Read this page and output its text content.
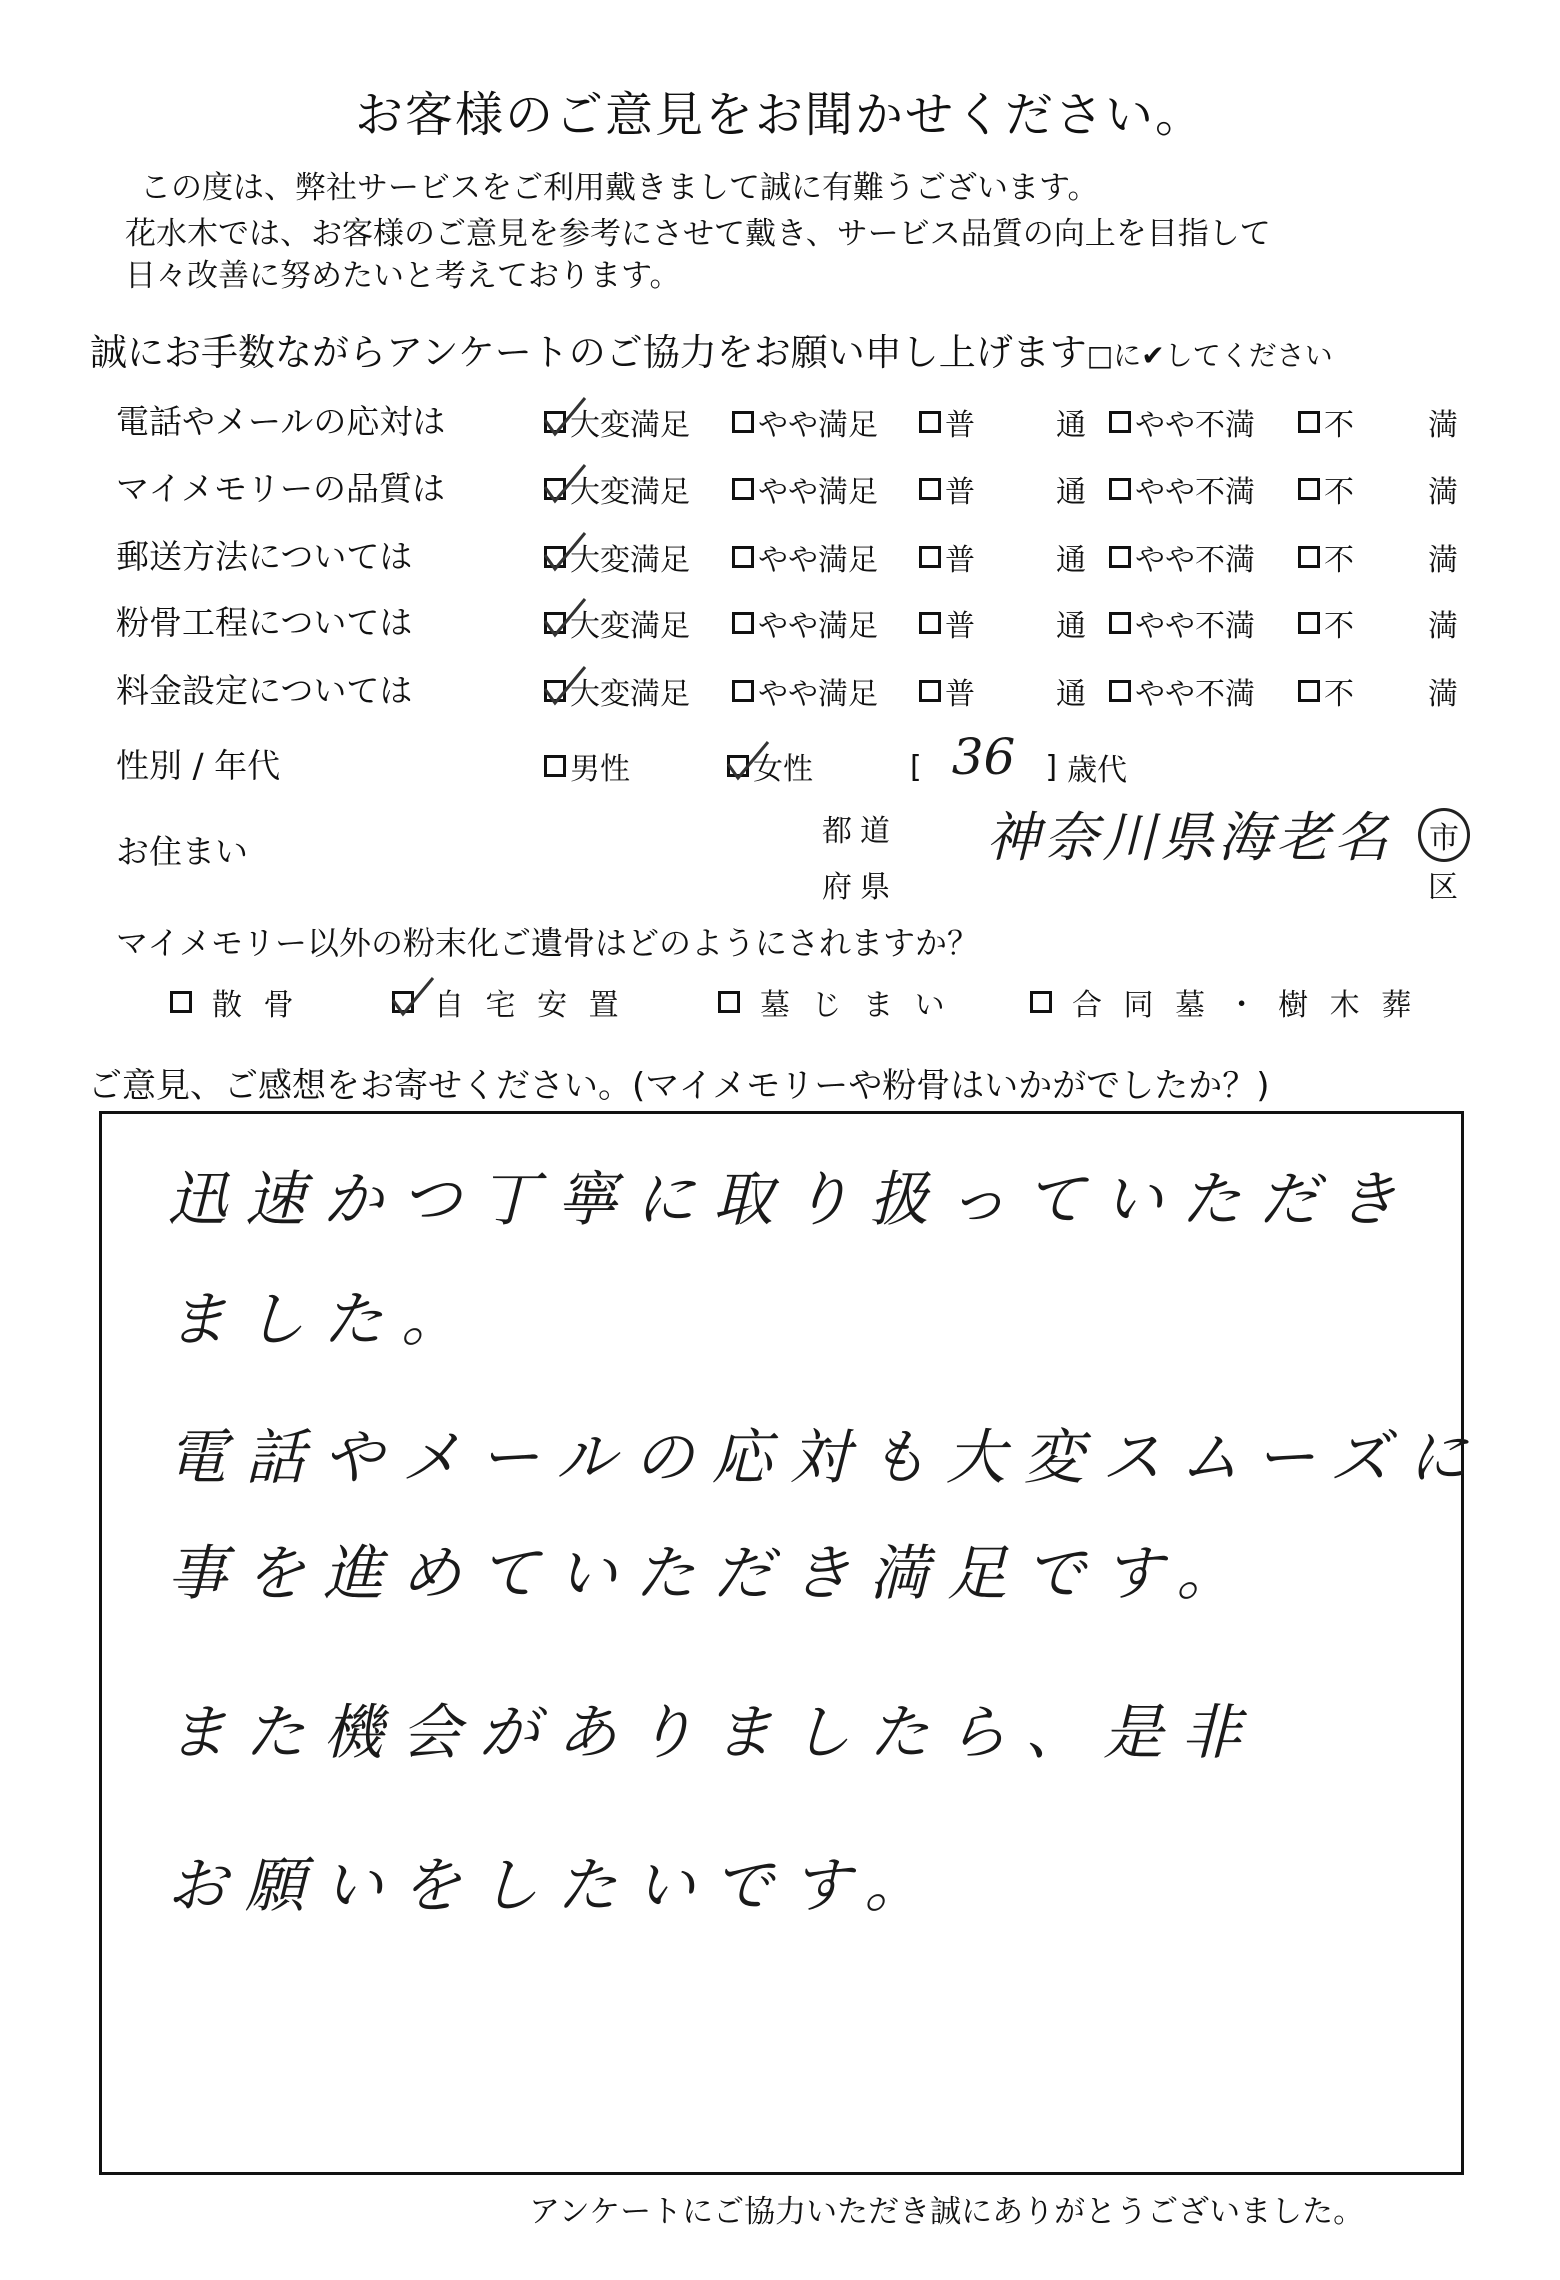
お客様のご意見をお聞かせください。
この度は、弊社サービスをご利用戴きまして誠に有難うございます。
花水木では、お客様のご意見を参考にさせて戴き、サービス品質の向上を目指して
日々改善に努めたいと考えております。
誠にお手数ながらアンケートのご協力をお願い申し上げます□に✔してください
電話やメールの応対は	大変満足 やや満足 普	通 やや不満 不 満
マイメモリーの品質は	大変満足 やや満足 普	通 やや不満 不 満
郵送方法については	大変満足 やや満足 普	通 やや不満 不 満
粉骨工程については	大変満足 やや満足 普	通 やや不満 不 満
料金設定については	大変満足 やや満足 普	通 やや不満 不 満
性別 / 年代	男性	女性	[ 36 ] 歳代
お住まい
都道
府県
神奈川県海老名	市
区
マイメモリー以外の粉末化ご遺骨はどのようにされますか？
散 骨	自 宅 安 置	墓 じ ま い	合 同 墓 ・ 樹 木 葬
ご意見、ご感想をお寄せください。(マイメモリーや粉骨はいかがでしたか？)
迅速かつ丁寧に取り扱っていただき
ました。
電話やメールの応対も大変スムーズに
事を進めていただき満足です。
また機会がありましたら、是非
お願いをしたいです。
アンケートにご協力いただき誠にありがとうございました。
